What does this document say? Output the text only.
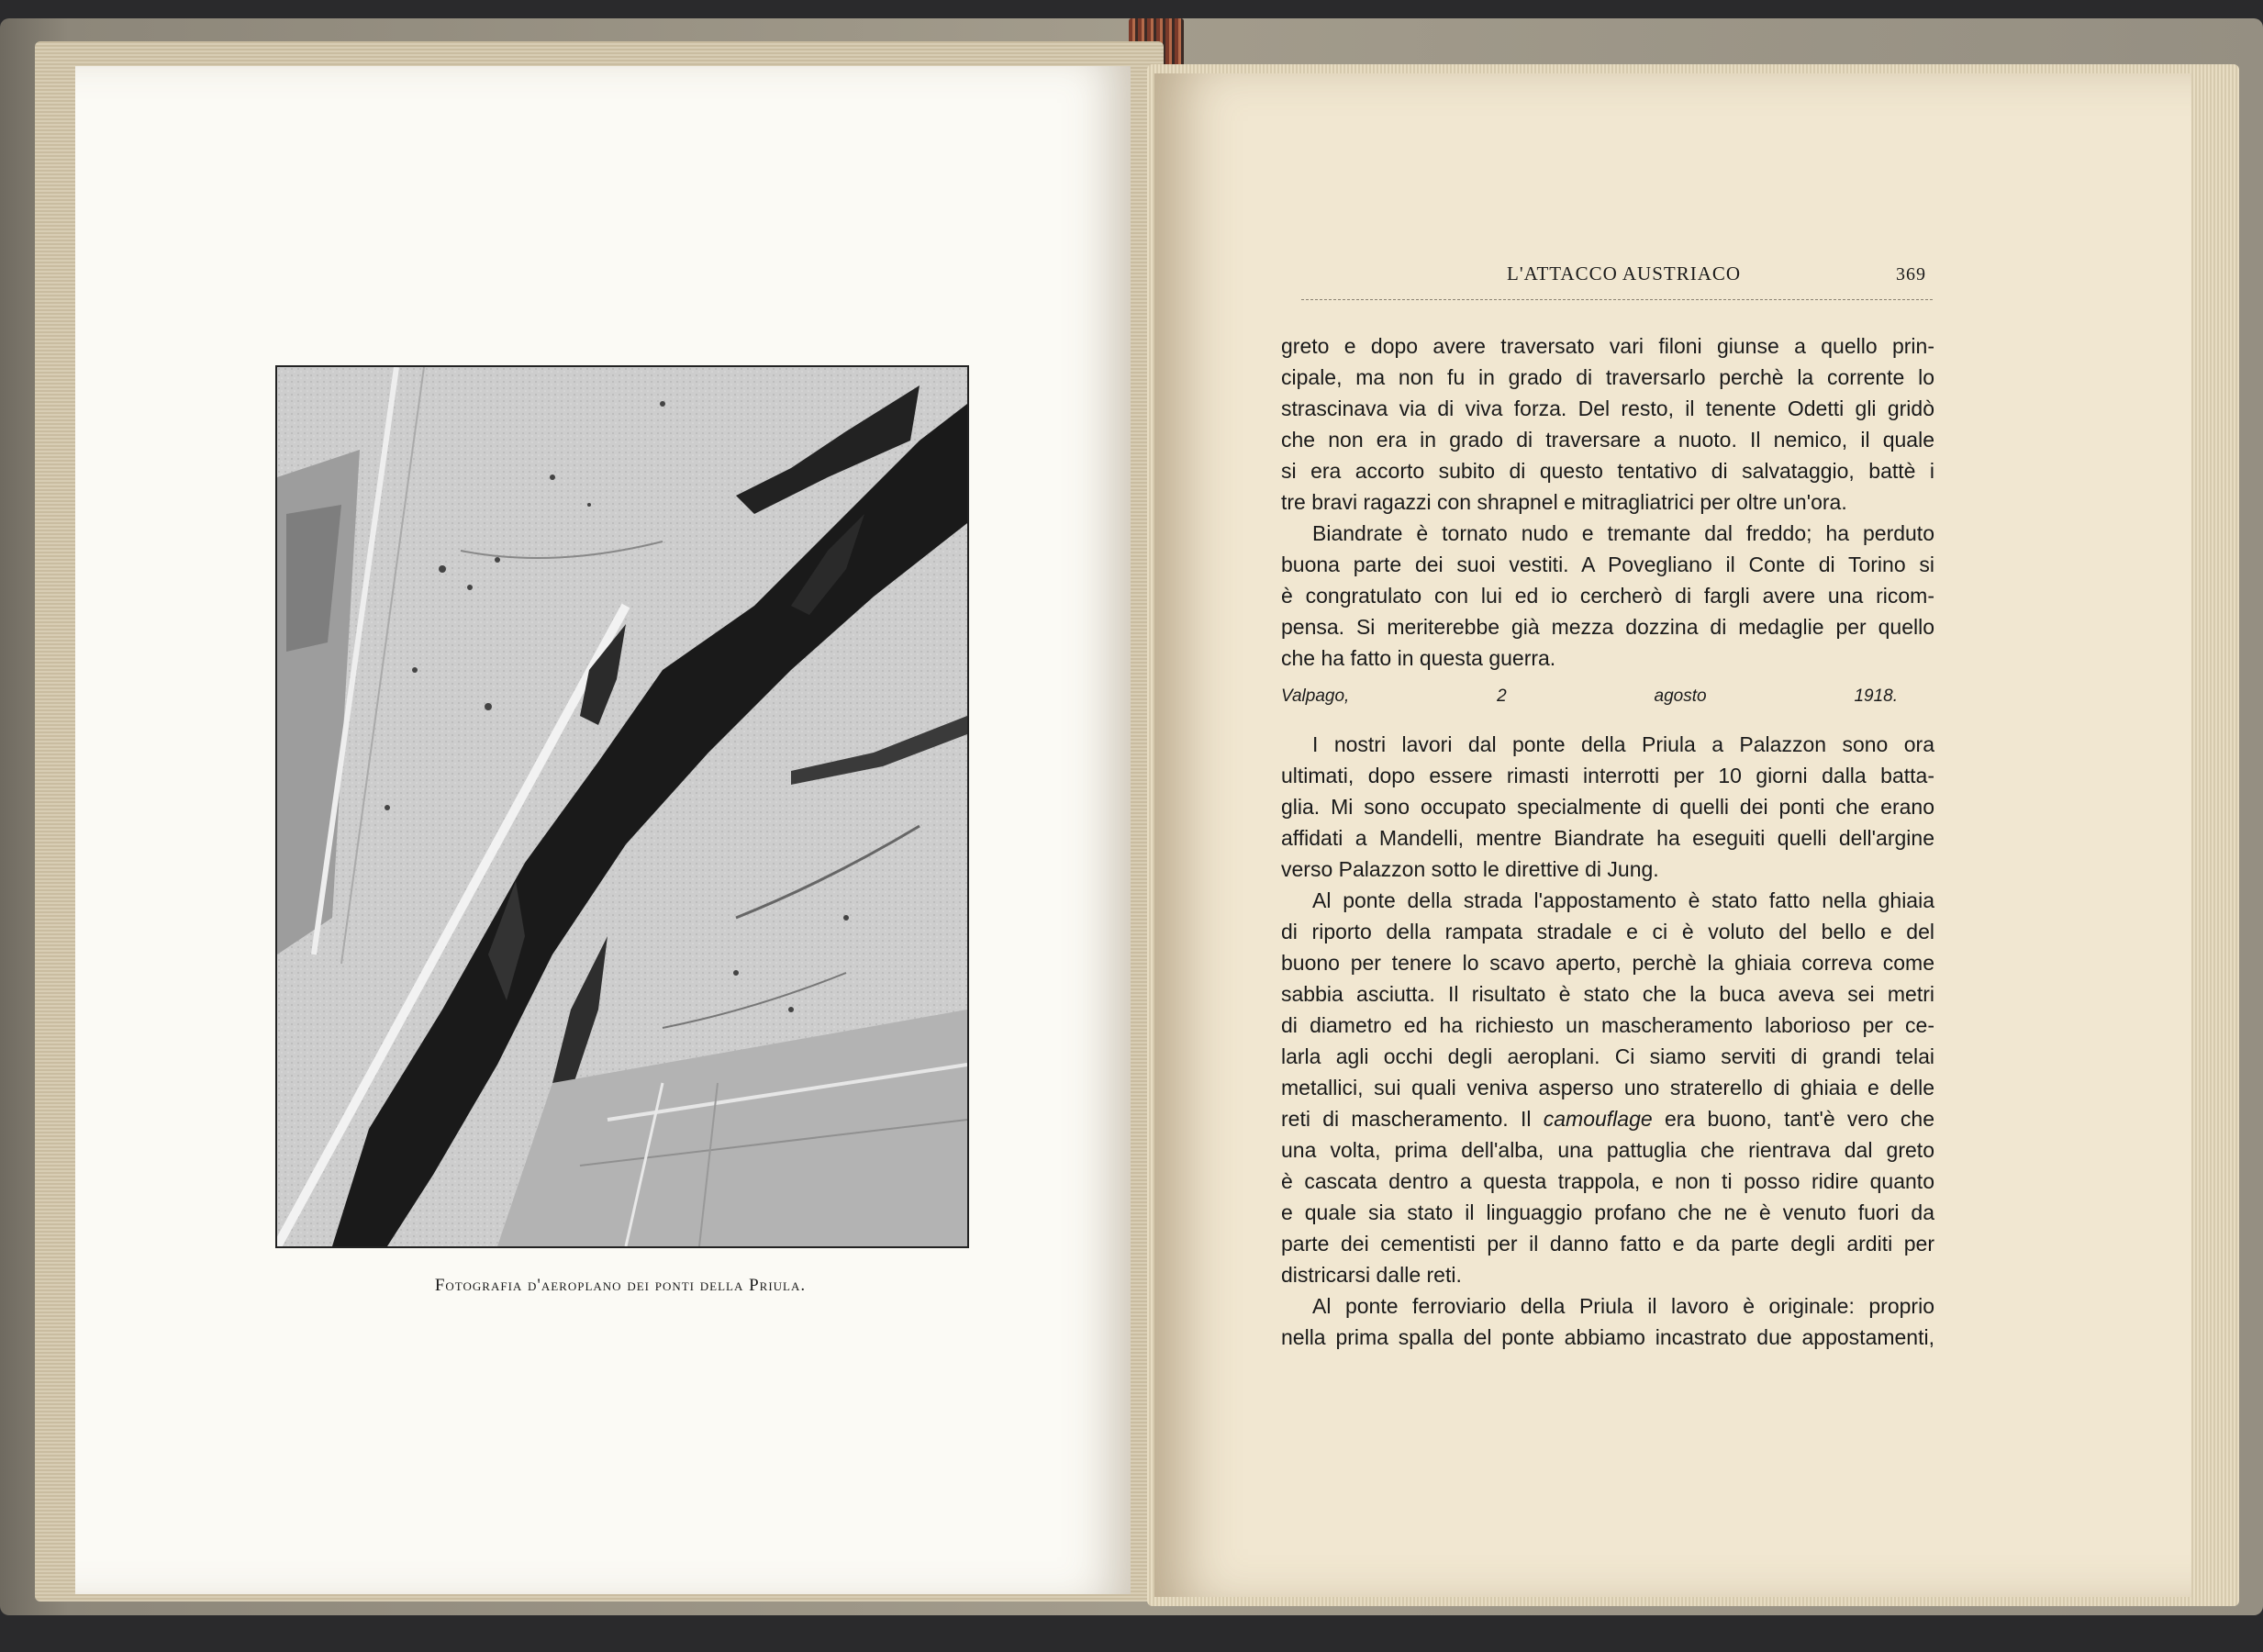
Fotografia d'aeroplano dei ponti della Priula.
L'ATTACCO AUSTRIACO	369
greto e dopo avere traversato vari filoni giunse a quello prin-
cipale, ma non fu in grado di traversarlo perchè la corrente lo
strascinava via di viva forza. Del resto, il tenente Odetti gli gridò
che non era in grado di traversare a nuoto. Il nemico, il quale
si era accorto subito di questo tentativo di salvataggio, battè i
tre bravi ragazzi con shrapnel e mitragliatrici per oltre un'ora.
Biandrate è tornato nudo e tremante dal freddo; ha perduto
buona parte dei suoi vestiti. A Povegliano il Conte di Torino si
è congratulato con lui ed io cercherò di fargli avere una ricom-
pensa. Si meriterebbe già mezza dozzina di medaglie per quello
che ha fatto in questa guerra.
Valpago, 2 agosto 1918.
I nostri lavori dal ponte della Priula a Palazzon sono ora
ultimati, dopo essere rimasti interrotti per 10 giorni dalla batta-
glia. Mi sono occupato specialmente di quelli dei ponti che erano
affidati a Mandelli, mentre Biandrate ha eseguiti quelli dell'argine
verso Palazzon sotto le direttive di Jung.
Al ponte della strada l'appostamento è stato fatto nella ghiaia
di riporto della rampata stradale e ci è voluto del bello e del
buono per tenere lo scavo aperto, perchè la ghiaia correva come
sabbia asciutta. Il risultato è stato che la buca aveva sei metri
di diametro ed ha richiesto un mascheramento laborioso per ce-
larla agli occhi degli aeroplani. Ci siamo serviti di grandi telai
metallici, sui quali veniva asperso uno straterello di ghiaia e delle
reti di mascheramento. Il camouflage era buono, tant'è vero che
una volta, prima dell'alba, una pattuglia che rientrava dal greto
è cascata dentro a questa trappola, e non ti posso ridire quanto
e quale sia stato il linguaggio profano che ne è venuto fuori da
parte dei cementisti per il danno fatto e da parte degli arditi per
districarsi dalle reti.
Al ponte ferroviario della Priula il lavoro è originale: proprio
nella prima spalla del ponte abbiamo incastrato due appostamenti,
